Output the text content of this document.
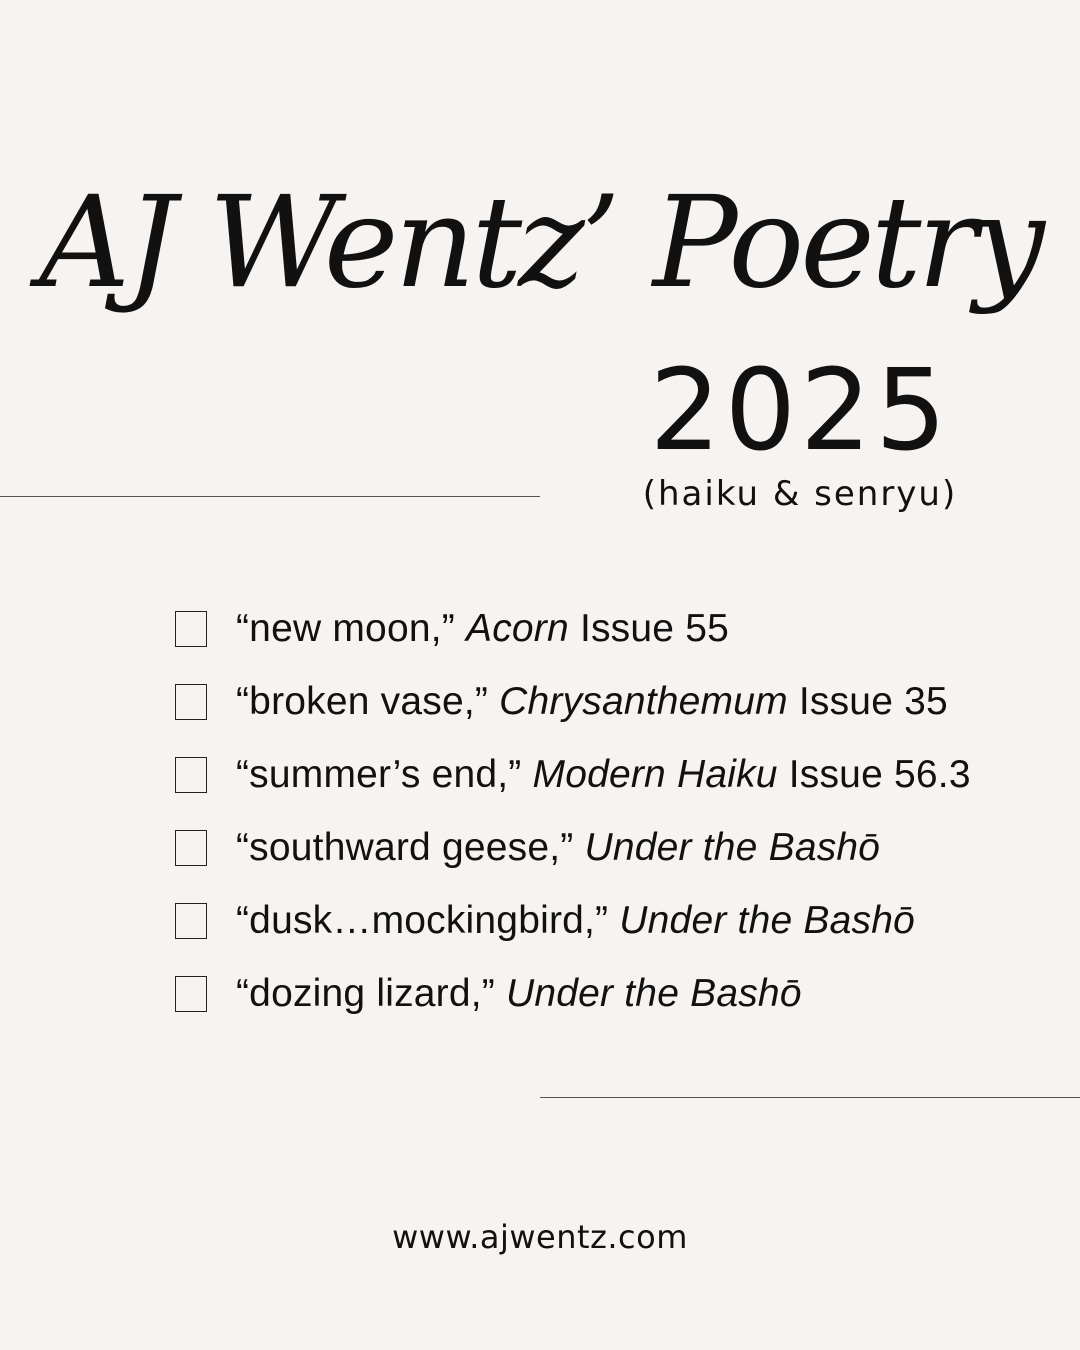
AJ Wentz’ Poetry
2025
(haiku & senryu)
“new moon,” Acorn Issue 55
“broken vase,” Chrysanthemum Issue 35
“summer’s end,” Modern Haiku Issue 56.3
“southward geese,” Under the Bashō
“dusk…mockingbird,” Under the Bashō
“dozing lizard,” Under the Bashō
www.ajwentz.com
